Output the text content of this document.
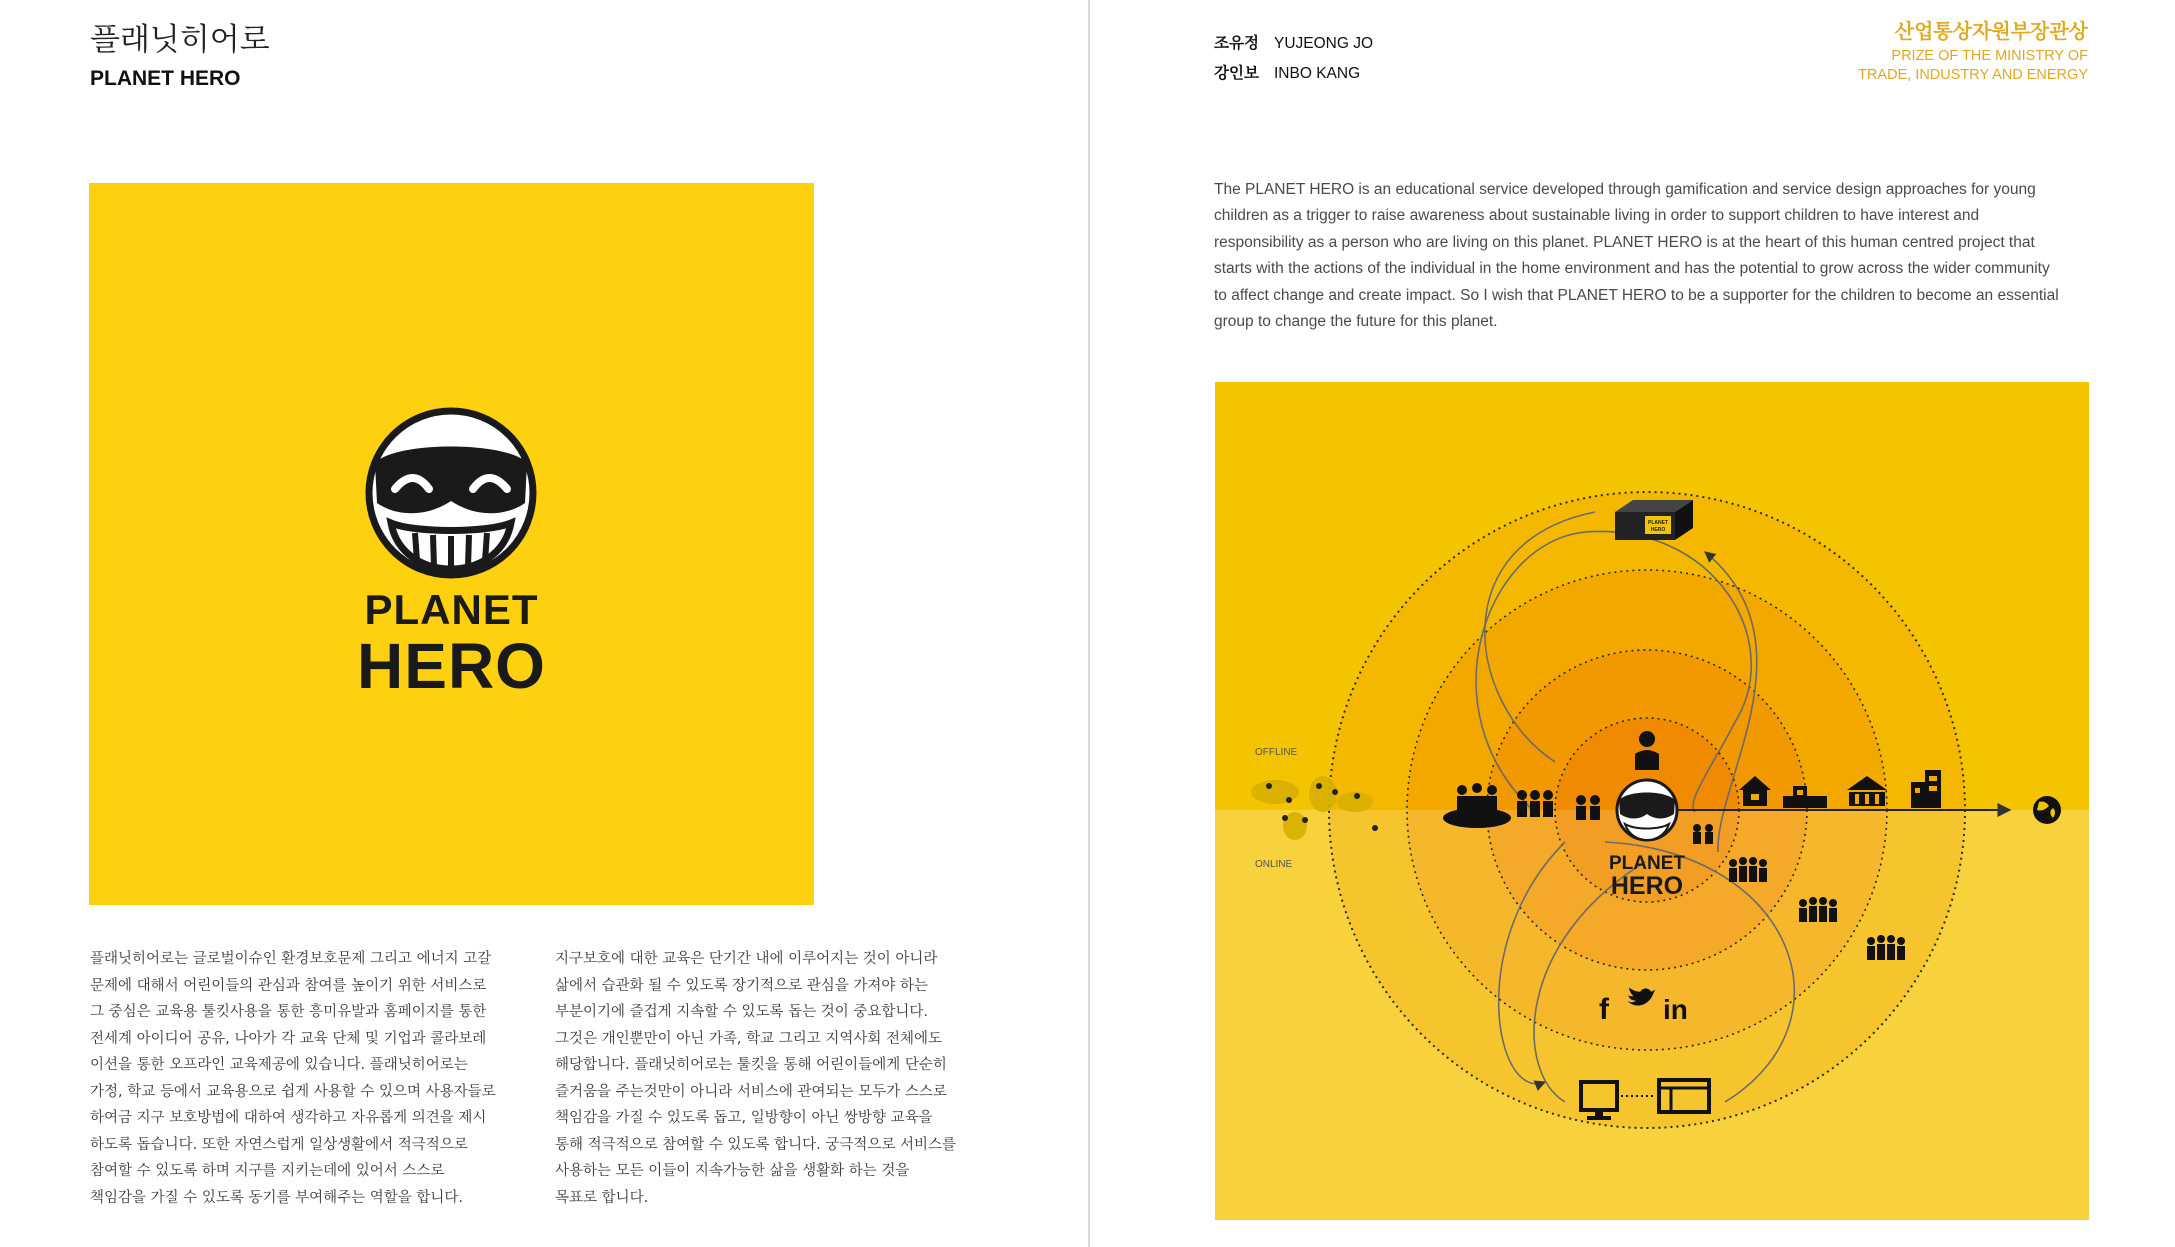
플래닛히어로
PLANET HERO
PLANET
HERO

플래닛히어로는 글로벌이슈인 환경보호문제 그리고 에너지 고갈

문제에 대해서 어린이들의 관심과 참여를 높이기 위한 서비스로

그 중심은 교육용 툴킷사용을 통한 흥미유발과 홈페이지를 통한

전세계 아이디어 공유, 나아가 각 교육 단체 및 기업과 콜라보레

이션을 통한 오프라인 교육제공에 있습니다. 플래닛히어로는

가정, 학교 등에서 교육용으로 쉽게 사용할 수 있으며 사용자들로

하여금 지구 보호방법에 대하여 생각하고 자유롭게 의견을 제시

하도록 돕습니다. 또한 자연스럽게 일상생활에서 적극적으로

참여할 수 있도록 하며 지구를 지키는데에 있어서 스스로

책임감을 가질 수 있도록 동기를 부여해주는 역할을 합니다.

지구보호에 대한 교육은 단기간 내에 이루어지는 것이 아니라

삶에서 습관화 될 수 있도록 장기적으로 관심을 가져야 하는

부분이기에 즐겁게 지속할 수 있도록 돕는 것이 중요합니다.

그것은 개인뿐만이 아닌 가족, 학교 그리고 지역사회 전체에도

해당합니다. 플래닛히어로는 툴킷을 통해 어린이들에게 단순히

즐거움을 주는것만이 아니라 서비스에 관여되는 모두가 스스로

책임감을 가질 수 있도록 돕고, 일방향이 아닌 쌍방향 교육을

통해 적극적으로 참여할 수 있도록 합니다. 궁극적으로 서비스를

사용하는 모든 이들이 지속가능한 삶을 생활화 하는 것을

목표로 합니다.

조유정 YUJEONG JO
강인보 INBO KANG
산업통상자원부장관상

PRIZE OF THE MINISTRY OF

TRADE, INDUSTRY AND ENERGY

The PLANET HERO is an educational service developed through gamification and service design approaches for young

children as a trigger to raise awareness about sustainable living in order to support children to have interest and

responsibility as a person who are living on this planet. PLANET HERO is at the heart of this human centred project that

starts with the actions of the individual in the home environment and has the potential to grow across the wider community

to affect change and create impact. So I wish that PLANET HERO to be a supporter for the children to become an essential

group to change the future for this planet.

PLANET
HERO
PLANET
HERO
OFFLINE
ONLINE
f in
